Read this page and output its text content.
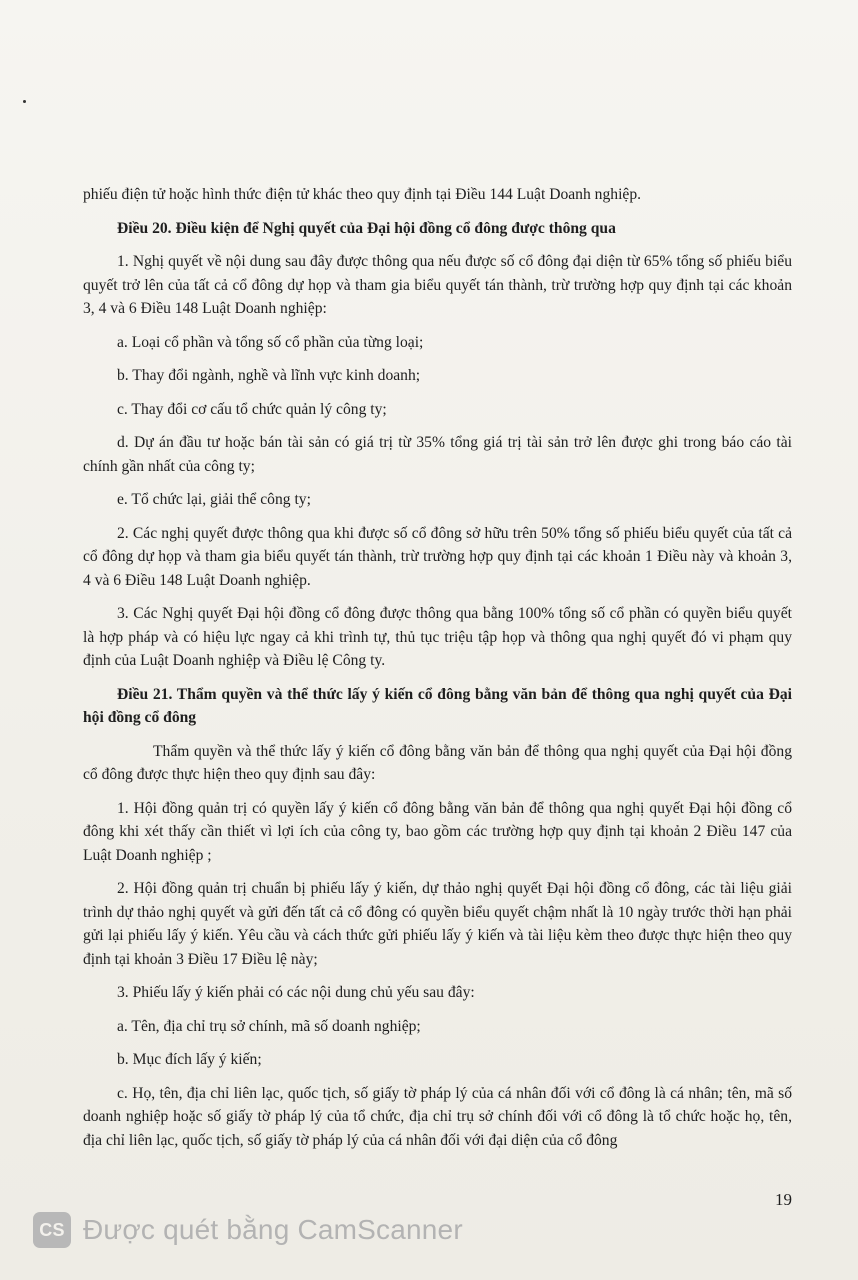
phiếu điện tử hoặc hình thức điện tử khác theo quy định tại Điều 144 Luật Doanh nghiệp.

Điều 20. Điều kiện để Nghị quyết của Đại hội đồng cổ đông được thông qua

1. Nghị quyết về nội dung sau đây được thông qua nếu được số cổ đông đại diện từ 65% tổng số phiếu biểu quyết trở lên của tất cả cổ đông dự họp và tham gia biểu quyết tán thành, trừ trường hợp quy định tại các khoản 3, 4 và 6 Điều 148 Luật Doanh nghiệp:

a. Loại cổ phần và tổng số cổ phần của từng loại;

b. Thay đổi ngành, nghề và lĩnh vực kinh doanh;

c. Thay đổi cơ cấu tổ chức quản lý công ty;

d. Dự án đầu tư hoặc bán tài sản có giá trị từ 35% tổng giá trị tài sản trở lên được ghi trong báo cáo tài chính gần nhất của công ty;

e. Tổ chức lại, giải thể công ty;

2. Các nghị quyết được thông qua khi được số cổ đông sở hữu trên 50% tổng số phiếu biểu quyết của tất cả cổ đông dự họp và tham gia biểu quyết tán thành, trừ trường hợp quy định tại các khoản 1 Điều này và khoản 3, 4 và 6 Điều 148 Luật Doanh nghiệp.

3. Các Nghị quyết Đại hội đồng cổ đông được thông qua bằng 100% tổng số cổ phần có quyền biểu quyết là hợp pháp và có hiệu lực ngay cả khi trình tự, thủ tục triệu tập họp và thông qua nghị quyết đó vi phạm quy định của Luật Doanh nghiệp và Điều lệ Công ty.

Điều 21. Thẩm quyền và thể thức lấy ý kiến cổ đông bằng văn bản để thông qua nghị quyết của Đại hội đồng cổ đông

Thẩm quyền và thể thức lấy ý kiến cổ đông bằng văn bản để thông qua nghị quyết của Đại hội đồng cổ đông được thực hiện theo quy định sau đây:

1. Hội đồng quản trị có quyền lấy ý kiến cổ đông bằng văn bản để thông qua nghị quyết Đại hội đồng cổ đông khi xét thấy cần thiết vì lợi ích của công ty, bao gồm các trường hợp quy định tại khoản 2 Điều 147 của Luật Doanh nghiệp ;

2. Hội đồng quản trị chuẩn bị phiếu lấy ý kiến, dự thảo nghị quyết Đại hội đồng cổ đông, các tài liệu giải trình dự thảo nghị quyết và gửi đến tất cả cổ đông có quyền biểu quyết chậm nhất là 10 ngày trước thời hạn phải gửi lại phiếu lấy ý kiến. Yêu cầu và cách thức gửi phiếu lấy ý kiến và tài liệu kèm theo được thực hiện theo quy định tại khoản 3 Điều 17 Điều lệ này;

3. Phiếu lấy ý kiến phải có các nội dung chủ yếu sau đây:

a. Tên, địa chỉ trụ sở chính, mã số doanh nghiệp;

b. Mục đích lấy ý kiến;

c. Họ, tên, địa chỉ liên lạc, quốc tịch, số giấy tờ pháp lý của cá nhân đối với cổ đông là cá nhân; tên, mã số doanh nghiệp hoặc số giấy tờ pháp lý của tổ chức, địa chỉ trụ sở chính đối với cổ đông là tổ chức hoặc họ, tên, địa chỉ liên lạc, quốc tịch, số giấy tờ pháp lý của cá nhân đối với đại diện của cổ đông

19
CS Được quét bằng CamScanner
